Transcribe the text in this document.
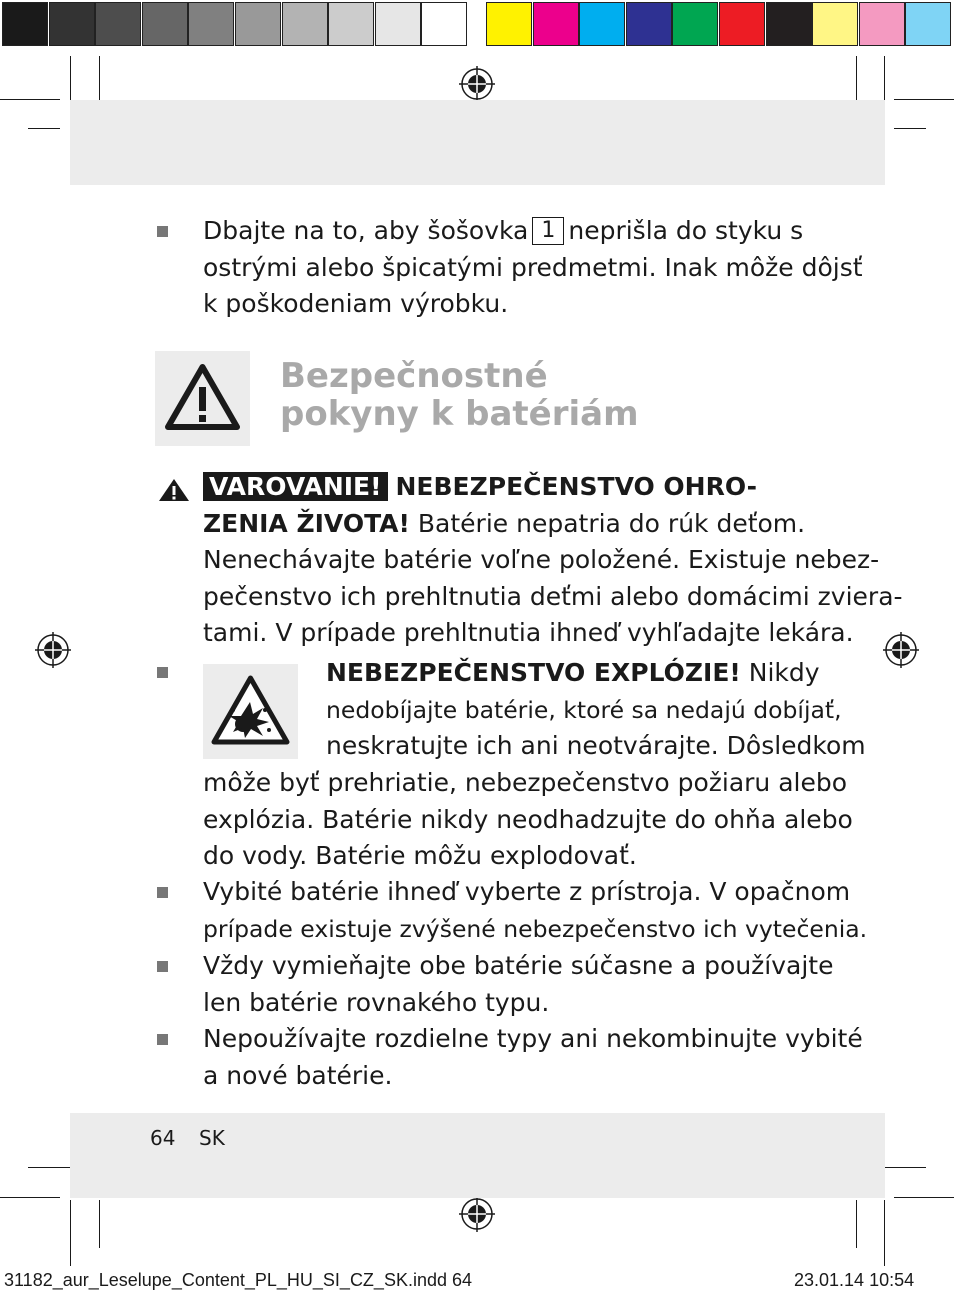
Dbajte na to, aby šošovka 1 neprišla do styku s
ostrými alebo špicatými predmetmi. Inak môže dôjsť
k poškodeniam výrobku.
Bezpečnostné
pokyny k batériám
VAROVANIE! NEBEZPEČENSTVO OHRO-
ZENIA ŽIVOTA! Batérie nepatria do rúk deťom.
Nenechávajte batérie voľne položené. Existuje nebez-
pečenstvo ich prehltnutia deťmi alebo domácimi zviera-
tami. V prípade prehltnutia ihneď vyhľadajte lekára.
NEBEZPEČENSTVO EXPLÓZIE! Nikdy
nedobíjajte batérie, ktoré sa nedajú dobíjať,
neskratujte ich ani neotvárajte. Dôsledkom
môže byť prehriatie, nebezpečenstvo požiaru alebo
explózia. Batérie nikdy neodhadzujte do ohňa alebo
do vody. Batérie môžu explodovať.
Vybité batérie ihneď vyberte z prístroja. V opačnom
prípade existuje zvýšené nebezpečenstvo ich vytečenia.
Vždy vymieňajte obe batérie súčasne a používajte
len batérie rovnakého typu.
Nepoužívajte rozdielne typy ani nekombinujte vybité
a nové batérie.
64 SK
31182_aur_Leselupe_Content_PL_HU_SI_CZ_SK.indd 64	23.01.14 10:54
